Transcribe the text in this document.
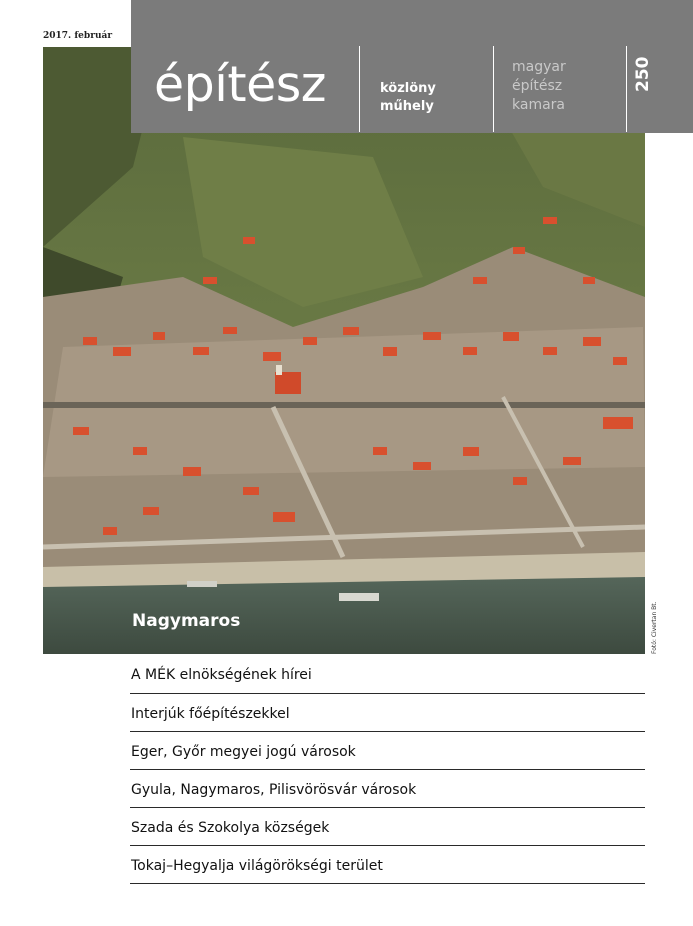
2017. február
Nagymaros	Fotó: Civertan Bt.
építész	közlöny
műhely
magyar
építész
kamara
250
A MÉK elnökségének hírei
Interjúk főépítészekkel
Eger, Győr megyei jogú városok
Gyula, Nagymaros, Pilisvörösvár városok
Szada és Szokolya községek
Tokaj–Hegyalja világörökségi terület
